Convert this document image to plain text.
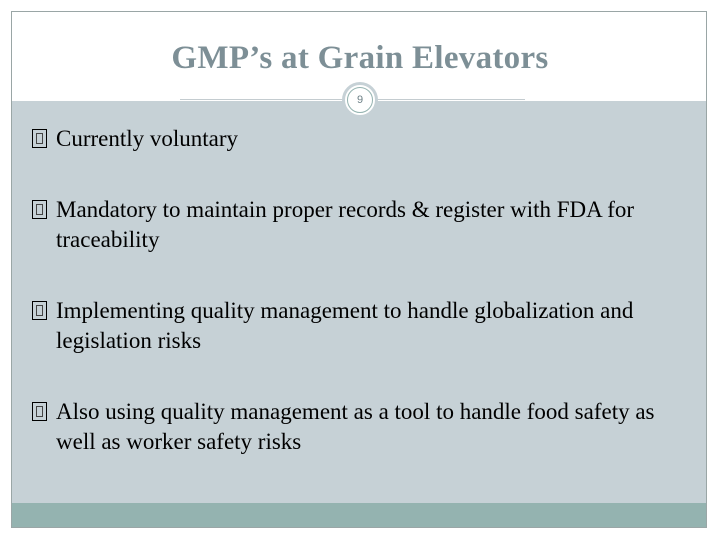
GMP’s at Grain Elevators
9
Currently voluntary
Mandatory to maintain proper records & register with FDA for traceability
Implementing quality management to handle globalization and legislation risks
Also using quality management as a tool to handle food safety as well as worker safety risks
